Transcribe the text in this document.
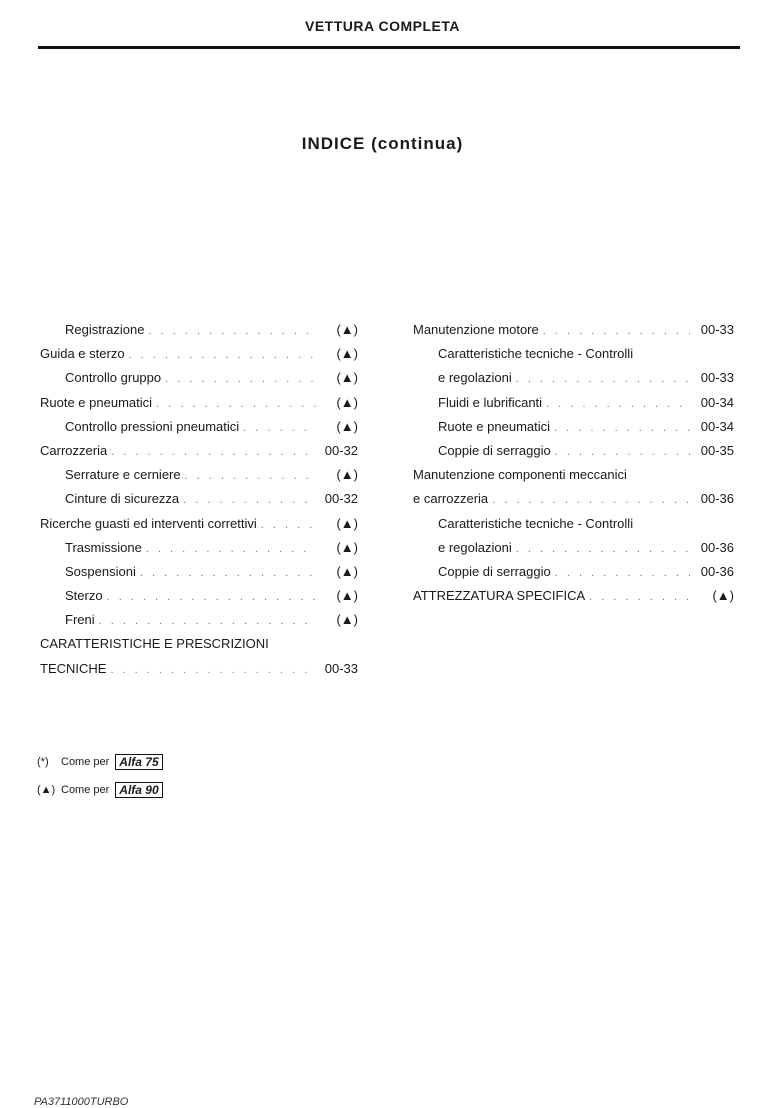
VETTURA COMPLETA
INDICE (continua)
Registrazione . . .	(▲)
Guida e sterzo . . .	(▲)
Controllo gruppo . . .	(▲)
Ruote e pneumatici . . .	(▲)
Controllo pressioni pneumatici . . .	(▲)
Carrozzeria . . .	00-32
Serrature e cerniere . . .	(▲)
Cinture di sicurezza . . .	00-32
Ricerche guasti ed interventi correttivi . . .	(▲)
Trasmissione . . .	(▲)
Sospensioni . . .	(▲)
Sterzo . . .	(▲)
Freni . . .	(▲)
CARATTERISTICHE E PRESCRIZIONI
TECNICHE . . .	00-33
Manutenzione motore . . .	00-33
Caratteristiche tecniche - Controlli
e regolazioni . . .	00-33
Fluidi e lubrificanti . . .	00-34
Ruote e pneumatici . . .	00-34
Coppie di serraggio . . .	00-35
Manutenzione componenti meccanici
e carrozzeria . . .	00-36
Caratteristiche tecniche - Controlli
e regolazioni . . .	00-36
Coppie di serraggio . . .	00-36
ATTREZZATURA SPECIFICA . . .	(▲)
(*)	Come per Alfa 75
(▲) Come per Alfa 90
PA3711000TURBO
